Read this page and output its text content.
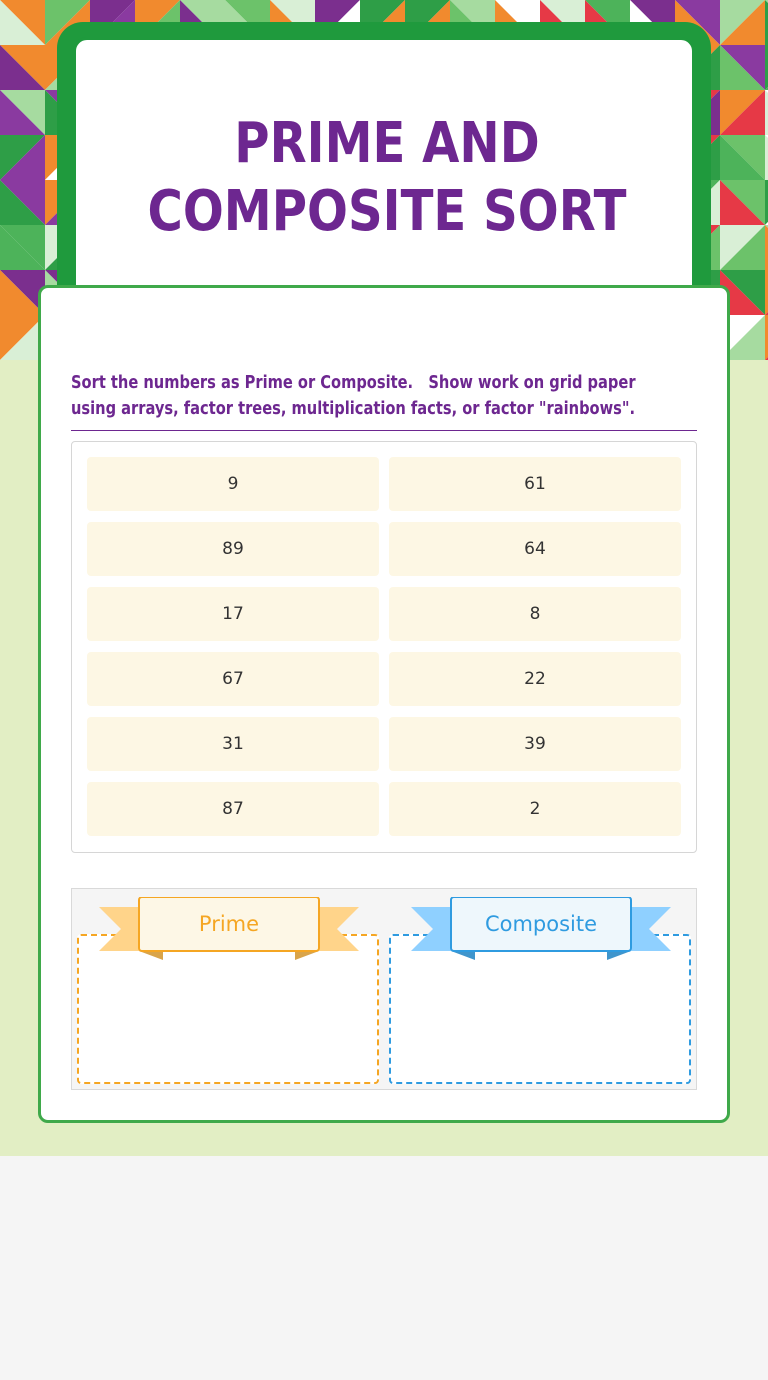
PRIME AND COMPOSITE SORT

Sort the numbers as Prime or Composite.   Show work on grid paper using arrays, factor trees, multiplication facts, or factor "rainbows".

9	61
89	64
17	8
67	22
31	39
87	2
Prime	Composite
